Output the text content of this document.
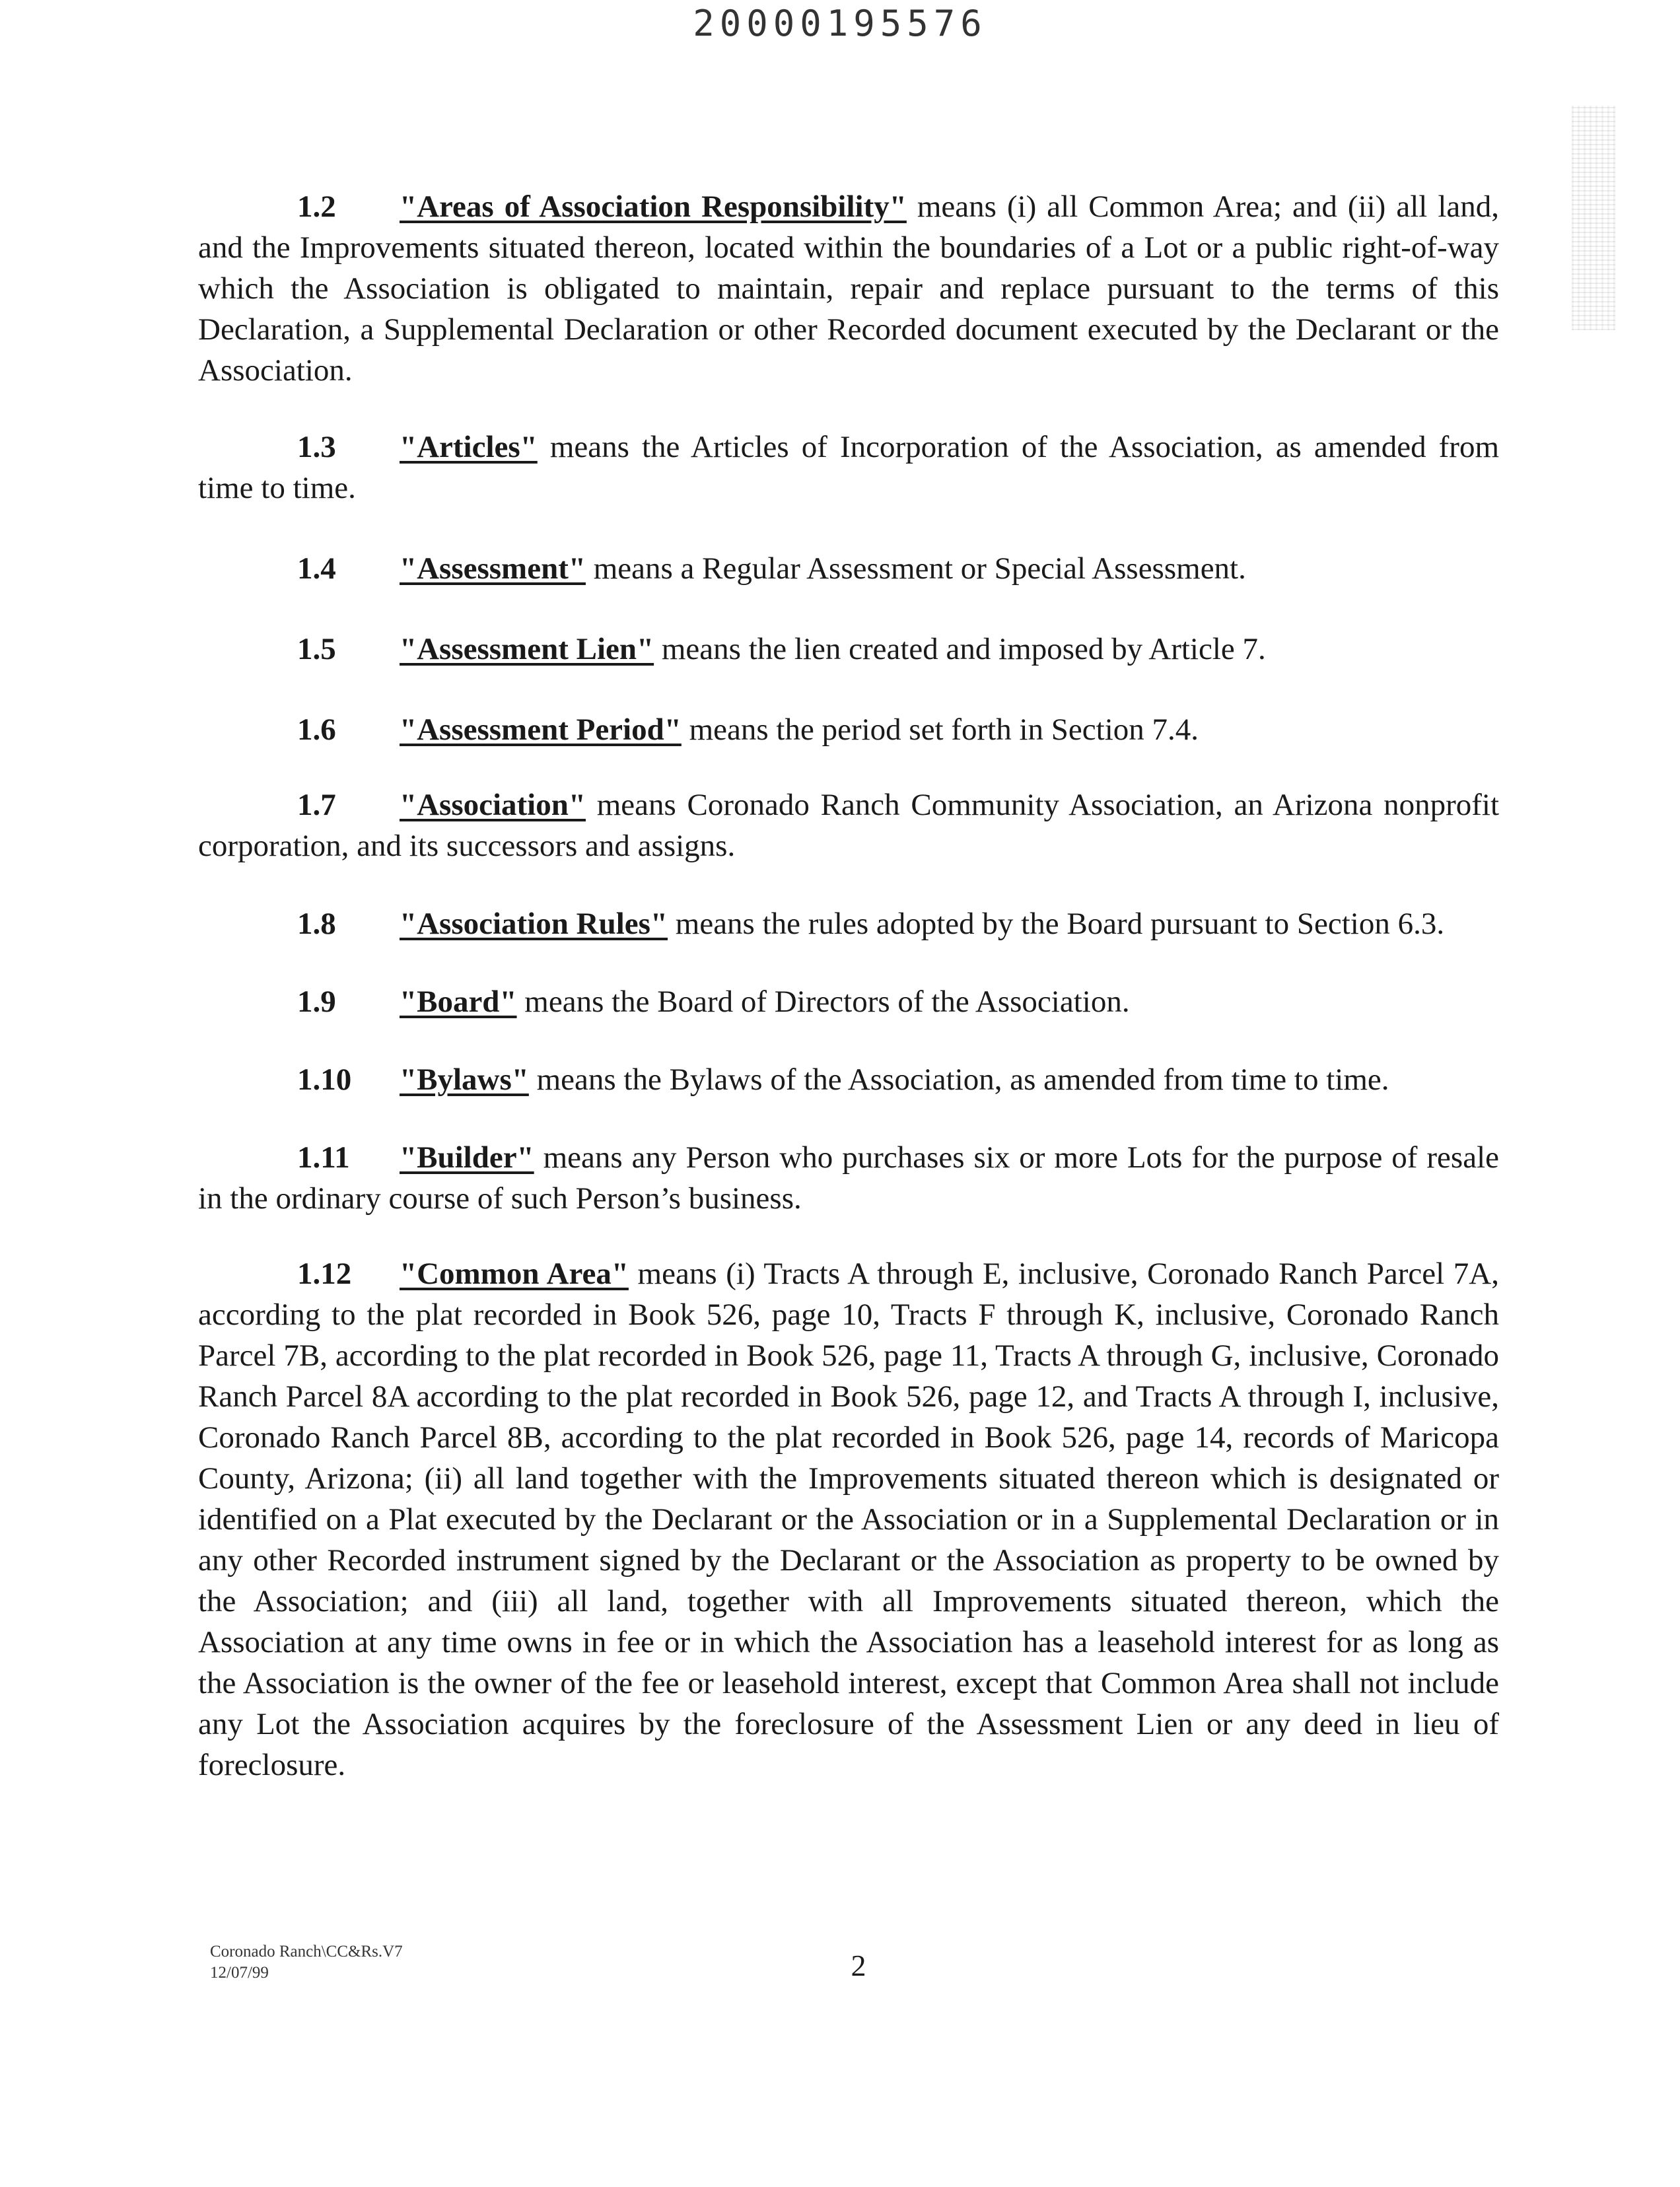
20000195576

1.2 "Areas of Association Responsibility" means (i) all Common Area; and (ii) all land, and the Improvements situated thereon, located within the boundaries of a Lot or a public right-of-way which the Association is obligated to maintain, repair and replace pursuant to the terms of this Declaration, a Supplemental Declaration or other Recorded document executed by the Declarant or the Association.

1.3 "Articles" means the Articles of Incorporation of the Association, as amended from time to time.

1.4 "Assessment" means a Regular Assessment or Special Assessment.

1.5 "Assessment Lien" means the lien created and imposed by Article 7.

1.6 "Assessment Period" means the period set forth in Section 7.4.

1.7 "Association" means Coronado Ranch Community Association, an Arizona nonprofit corporation, and its successors and assigns.

1.8 "Association Rules" means the rules adopted by the Board pursuant to Section 6.3.

1.9 "Board" means the Board of Directors of the Association.

1.10 "Bylaws" means the Bylaws of the Association, as amended from time to time.

1.11 "Builder" means any Person who purchases six or more Lots for the purpose of resale in the ordinary course of such Person’s business.

1.12 "Common Area" means (i) Tracts A through E, inclusive, Coronado Ranch Parcel 7A, according to the plat recorded in Book 526, page 10, Tracts F through K, inclusive, Coronado Ranch Parcel 7B, according to the plat recorded in Book 526, page 11, Tracts A through G, inclusive, Coronado Ranch Parcel 8A according to the plat recorded in Book 526, page 12, and Tracts A through I, inclusive, Coronado Ranch Parcel 8B, according to the plat recorded in Book 526, page 14, records of Maricopa County, Arizona; (ii) all land together with the Improvements situated thereon which is designated or identified on a Plat executed by the Declarant or the Association or in a Supplemental Declaration or in any other Recorded instrument signed by the Declarant or the Association as property to be owned by the Association; and (iii) all land, together with all Improvements situated thereon, which the Association at any time owns in fee or in which the Association has a leasehold interest for as long as the Association is the owner of the fee or leasehold interest, except that Common Area shall not include any Lot the Association acquires by the foreclosure of the Assessment Lien or any deed in lieu of foreclosure.

Coronado Ranch\CC&Rs.V7
12/07/99	2
